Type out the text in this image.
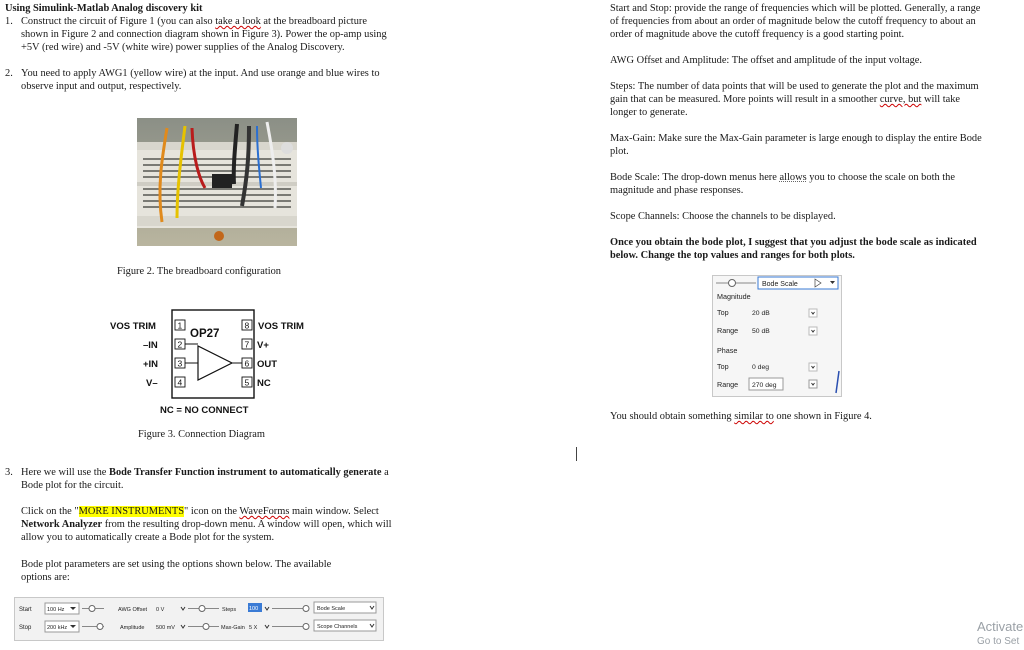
Using Simulink-Matlab Analog discovery kit
1. Construct the circuit of Figure 1 (you can also take a look at the breadboard picture
shown in Figure 2 and connection diagram shown in Figure 3). Power the op-amp using
+5V (red wire) and -5V (white wire) power supplies of the Analog Discovery.
2. You need to apply AWG1 (yellow wire) at the input. And use orange and blue wires to
observe input and output, respectively.
Figure 2. The breadboard configuration
OP27
1
2
3
4
8
7
6
5
VOS TRIM
–IN
+IN
V–
VOS TRIM
V+
OUT
NC
NC = NO CONNECT
Figure 3. Connection Diagram
3. Here we will use the Bode Transfer Function instrument to automatically generate a
Bode plot for the circuit.
Click on the "MORE INSTRUMENTS" icon on the WaveForms main window. Select
Network Analyzer from the resulting drop-down menu. A window will open, which will
allow you to automatically create a Bode plot for the system.
Bode plot parameters are set using the options shown below. The available
options are:
Start
Stop
100 Hz
200 kHz
AWG Offset
Amplitude
0 V
500 mV
Steps
Max-Gain
100
5 X
Bode Scale
Scope Channels
Start and Stop: provide the range of frequencies which will be plotted. Generally, a range
of frequencies from about an order of magnitude below the cutoff frequency to about an
order of magnitude above the cutoff frequency is a good starting point.
AWG Offset and Amplitude: The offset and amplitude of the input voltage.
Steps: The number of data points that will be used to generate the plot and the maximum
gain that can be measured. More points will result in a smoother curve, but will take
longer to generate.
Max-Gain: Make sure the Max-Gain parameter is large enough to display the entire Bode
plot.
Bode Scale: The drop-down menus here allows you to choose the scale on both the
magnitude and phase responses.
Scope Channels: Choose the channels to be displayed.
Once you obtain the bode plot, I suggest that you adjust the bode scale as indicated
below. Change the top values and ranges for both plots.
Bode Scale
Magnitude
Top	20 dB
Range 50 dB
Phase
Top	0 deg
Range 270 deg
You should obtain something similar to one shown in Figure 4.
Activate
Go to Set
